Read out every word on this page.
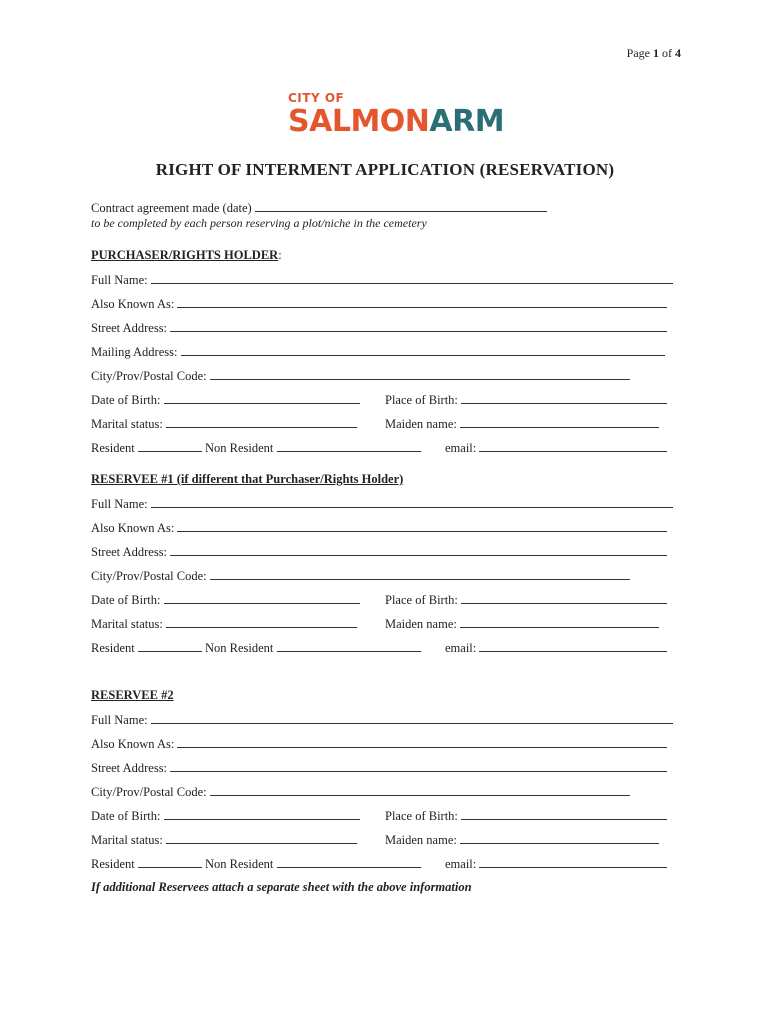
Page 1 of 4
CITY OF
SALMONARM
RIGHT OF INTERMENT APPLICATION (RESERVATION)
Contract agreement made (date)
to be completed by each person reserving a plot/niche in the cemetery
PURCHASER/RIGHTS HOLDER:
Full Name:
Also Known As:
Street Address:
Mailing Address:
City/Prov/Postal Code:
Date of Birth:	Place of Birth:
Marital status:	Maiden name:
Resident	Non Resident	email:
RESERVEE #1 (if different that Purchaser/Rights Holder)
Full Name:
Also Known As:
Street Address:
City/Prov/Postal Code:
Date of Birth:	Place of Birth:
Marital status:	Maiden name:
Resident	Non Resident	email:
RESERVEE #2
Full Name:
Also Known As:
Street Address:
City/Prov/Postal Code:
Date of Birth:	Place of Birth:
Marital status:	Maiden name:
Resident	Non Resident	email:
If additional Reservees attach a separate sheet with the above information
